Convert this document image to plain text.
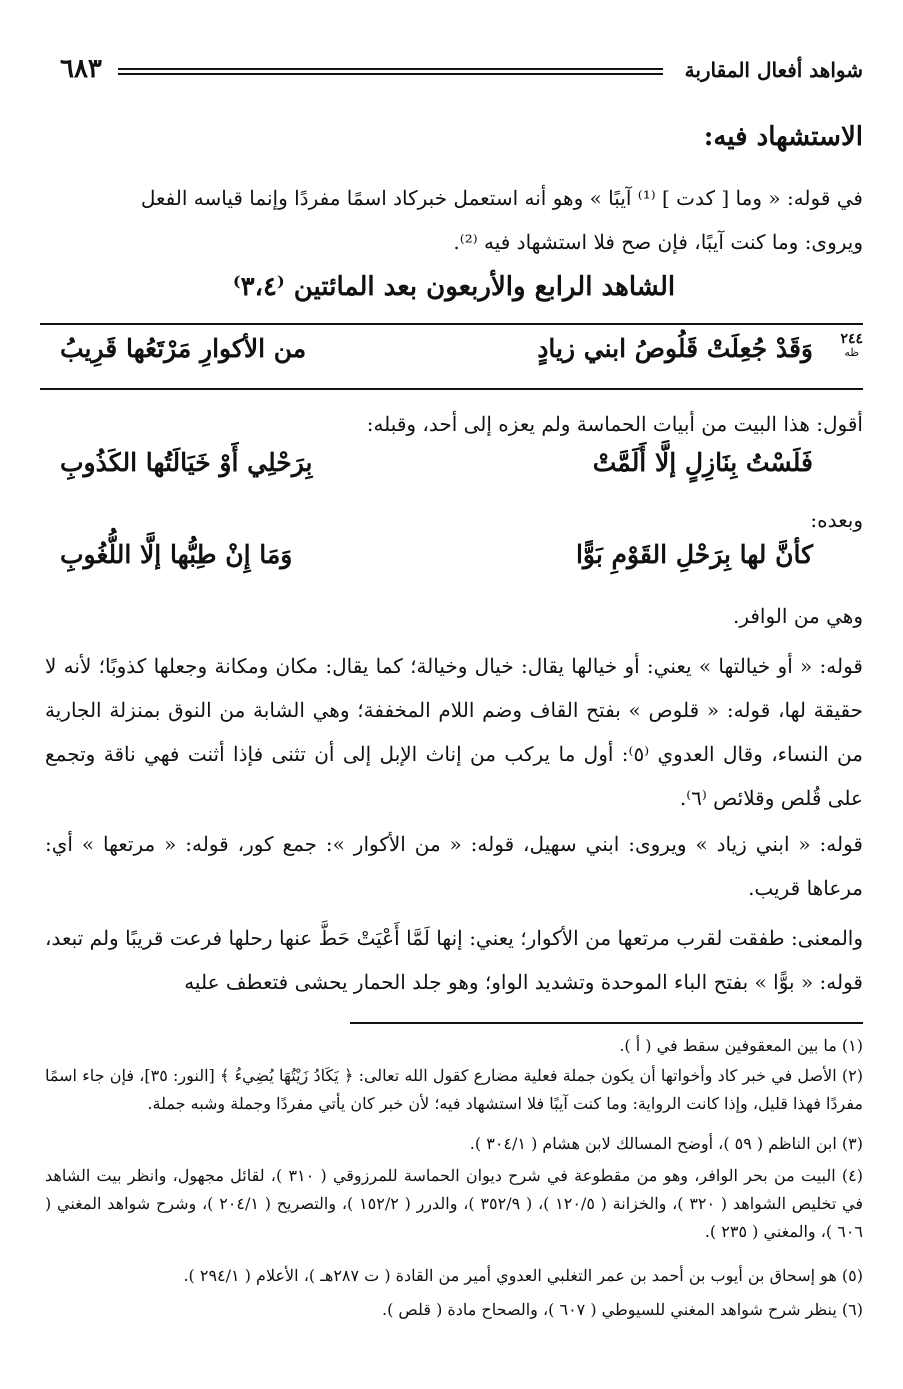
شواهد أفعال المقاربة
٦٨٣
الاستشهاد فيه:
في قوله: « وما [ كدت ] ⁽¹⁾ آيبًا » وهو أنه استعمل خبركاد اسمًا مفردًا وإنما قياسه الفعل
ويروى: وما كنت آيبًا، فإن صح فلا استشهاد فيه ⁽²⁾.
الشاهد الرابع والأربعون بعد المائتين ⁽٣،٤⁾
٢٤٤
ظه
وَقَدْ جُعِلَتْ قَلُوصُ ابني زيادٍ
من الأكوارِ مَرْتَعُها قَرِيبُ
أقول: هذا البيت من أبيات الحماسة ولم يعزه إلى أحد، وقبله:
فَلَسْتُ بِنَازِلٍ إلَّا أَلَمَّتْ
بِرَحْلِي أَوْ خَيَالَتُها الكَذُوبِ
وبعده:
كأنَّ لها بِرَحْلِ القَوْمِ بَوًّا
وَمَا إِنْ طِبُّها إلَّا اللُّغُوبِ
وهي من الوافر.
قوله: « أو خيالتها » يعني: أو خيالها يقال: خيال وخيالة؛ كما يقال: مكان ومكانة وجعلها كذوبًا؛ لأنه لا حقيقة لها، قوله: « قلوص » بفتح القاف وضم اللام المخففة؛ وهي الشابة من النوق بمنزلة الجارية من النساء، وقال العدوي ⁽٥⁾: أول ما يركب من إناث الإبل إلى أن تثنى فإذا أثنت فهي ناقة وتجمع على قُلص وقلائص ⁽٦⁾.
قوله: « ابني زياد » ويروى: ابني سهيل، قوله: « من الأكوار »: جمع كور، قوله: « مرتعها » أي: مرعاها قريب.
والمعنى: طفقت لقرب مرتعها من الأكوار؛ يعني: إنها لَمَّا أَعْيَتْ حَطَّ عنها رحلها فرعت قريبًا ولم تبعد، قوله: « بوًّا » بفتح الباء الموحدة وتشديد الواو؛ وهو جلد الحمار يحشى فتعطف عليه
(١) ما بين المعقوفين سقط في ( أ ).
(٢) الأصل في خبر كاد وأخواتها أن يكون جملة فعلية مضارع كقول الله تعالى: ﴿ يَكَادُ زَيْتُهَا يُضِيءُ ﴾ [النور: ٣٥]، فإن جاء اسمًا مفردًا فهذا قليل، وإذا كانت الرواية: وما كنت آيبًا فلا استشهاد فيه؛ لأن خبر كان يأتي مفردًا وجملة وشبه جملة.
(٣) ابن الناظم ( ٥٩ )، أوضح المسالك لابن هشام ( ٣٠٤/١ ).
(٤) البيت من بحر الوافر، وهو من مقطوعة في شرح ديوان الحماسة للمرزوقي ( ٣١٠ )، لقائل مجهول، وانظر بيت الشاهد في تخليص الشواهد ( ٣٢٠ )، والخزانة ( ١٢٠/٥ )، ( ٣٥٢/٩ )، والدرر ( ١٥٢/٢ )، والتصريح ( ٢٠٤/١ )، وشرح شواهد المغني ( ٦٠٦ )، والمغني ( ٢٣٥ ).
(٥) هو إسحاق بن أيوب بن أحمد بن عمر التغلبي العدوي أمير من القادة ( ت ٢٨٧هـ )، الأعلام ( ٢٩٤/١ ).
(٦) ينظر شرح شواهد المغني للسيوطي ( ٦٠٧ )، والصحاح مادة ( قلص ).
